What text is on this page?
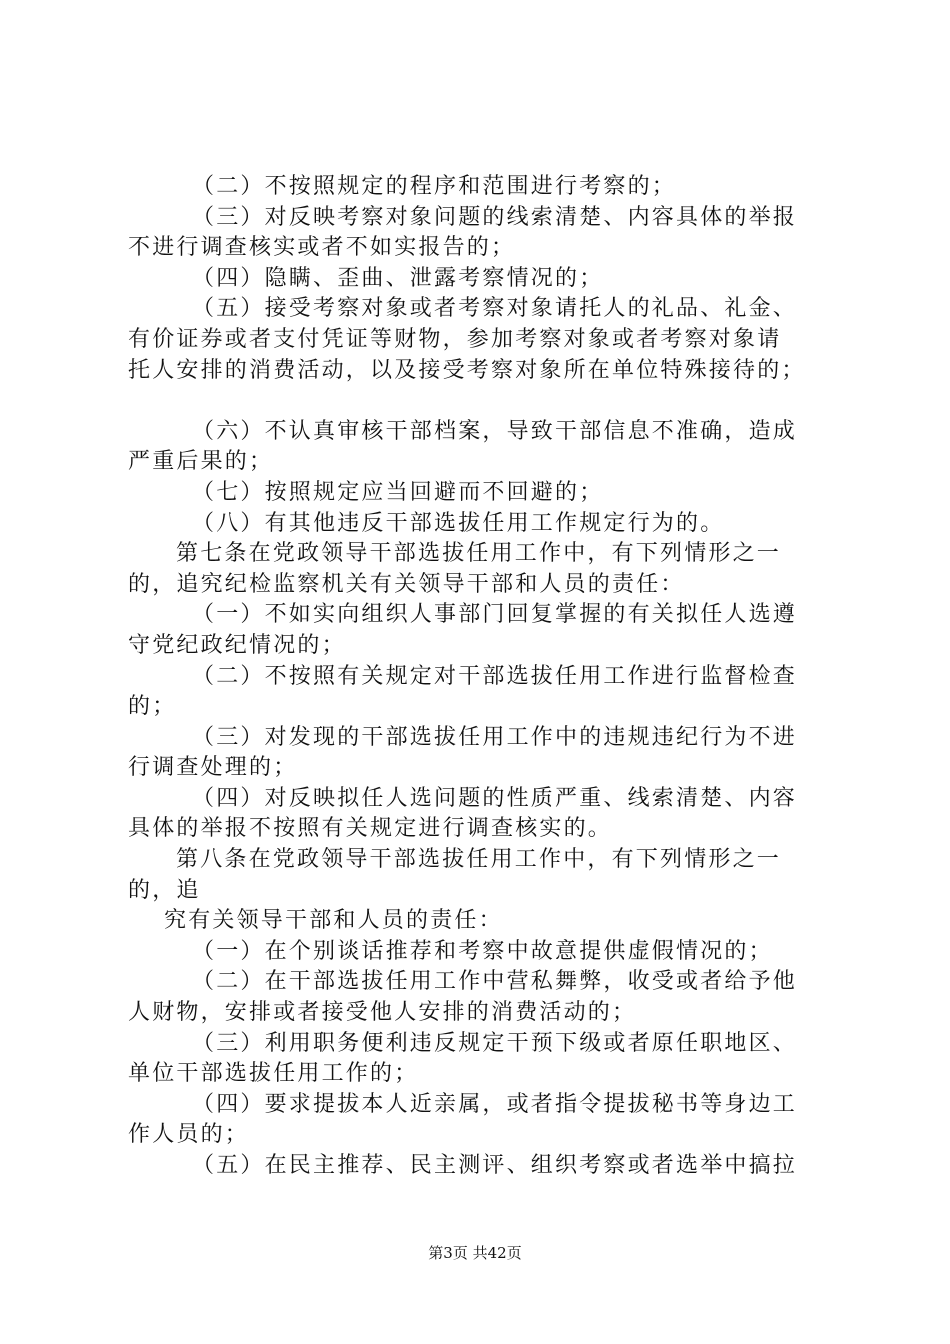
（二）不按照规定的程序和范围进行考察的；
（三）对反映考察对象问题的线索清楚、内容具体的举报
不进行调查核实或者不如实报告的；
（四）隐瞒、歪曲、泄露考察情况的；
（五）接受考察对象或者考察对象请托人的礼品、礼金、
有价证券或者支付凭证等财物，参加考察对象或者考察对象请
托人安排的消费活动，以及接受考察对象所在单位特殊接待的；
（六）不认真审核干部档案，导致干部信息不准确，造成
严重后果的；
（七）按照规定应当回避而不回避的；
（八）有其他违反干部选拔任用工作规定行为的。
第七条在党政领导干部选拔任用工作中，有下列情形之一
的，追究纪检监察机关有关领导干部和人员的责任：
（一）不如实向组织人事部门回复掌握的有关拟任人选遵
守党纪政纪情况的；
（二）不按照有关规定对干部选拔任用工作进行监督检查
的；
（三）对发现的干部选拔任用工作中的违规违纪行为不进
行调查处理的；
（四）对反映拟任人选问题的性质严重、线索清楚、内容
具体的举报不按照有关规定进行调查核实的。
第八条在党政领导干部选拔任用工作中，有下列情形之一
的，追
究有关领导干部和人员的责任：
（一）在个别谈话推荐和考察中故意提供虚假情况的；
（二）在干部选拔任用工作中营私舞弊，收受或者给予他
人财物，安排或者接受他人安排的消费活动的；
（三）利用职务便利违反规定干预下级或者原任职地区、
单位干部选拔任用工作的；
（四）要求提拔本人近亲属，或者指令提拔秘书等身边工
作人员的；
（五）在民主推荐、民主测评、组织考察或者选举中搞拉
第3页 共42页
